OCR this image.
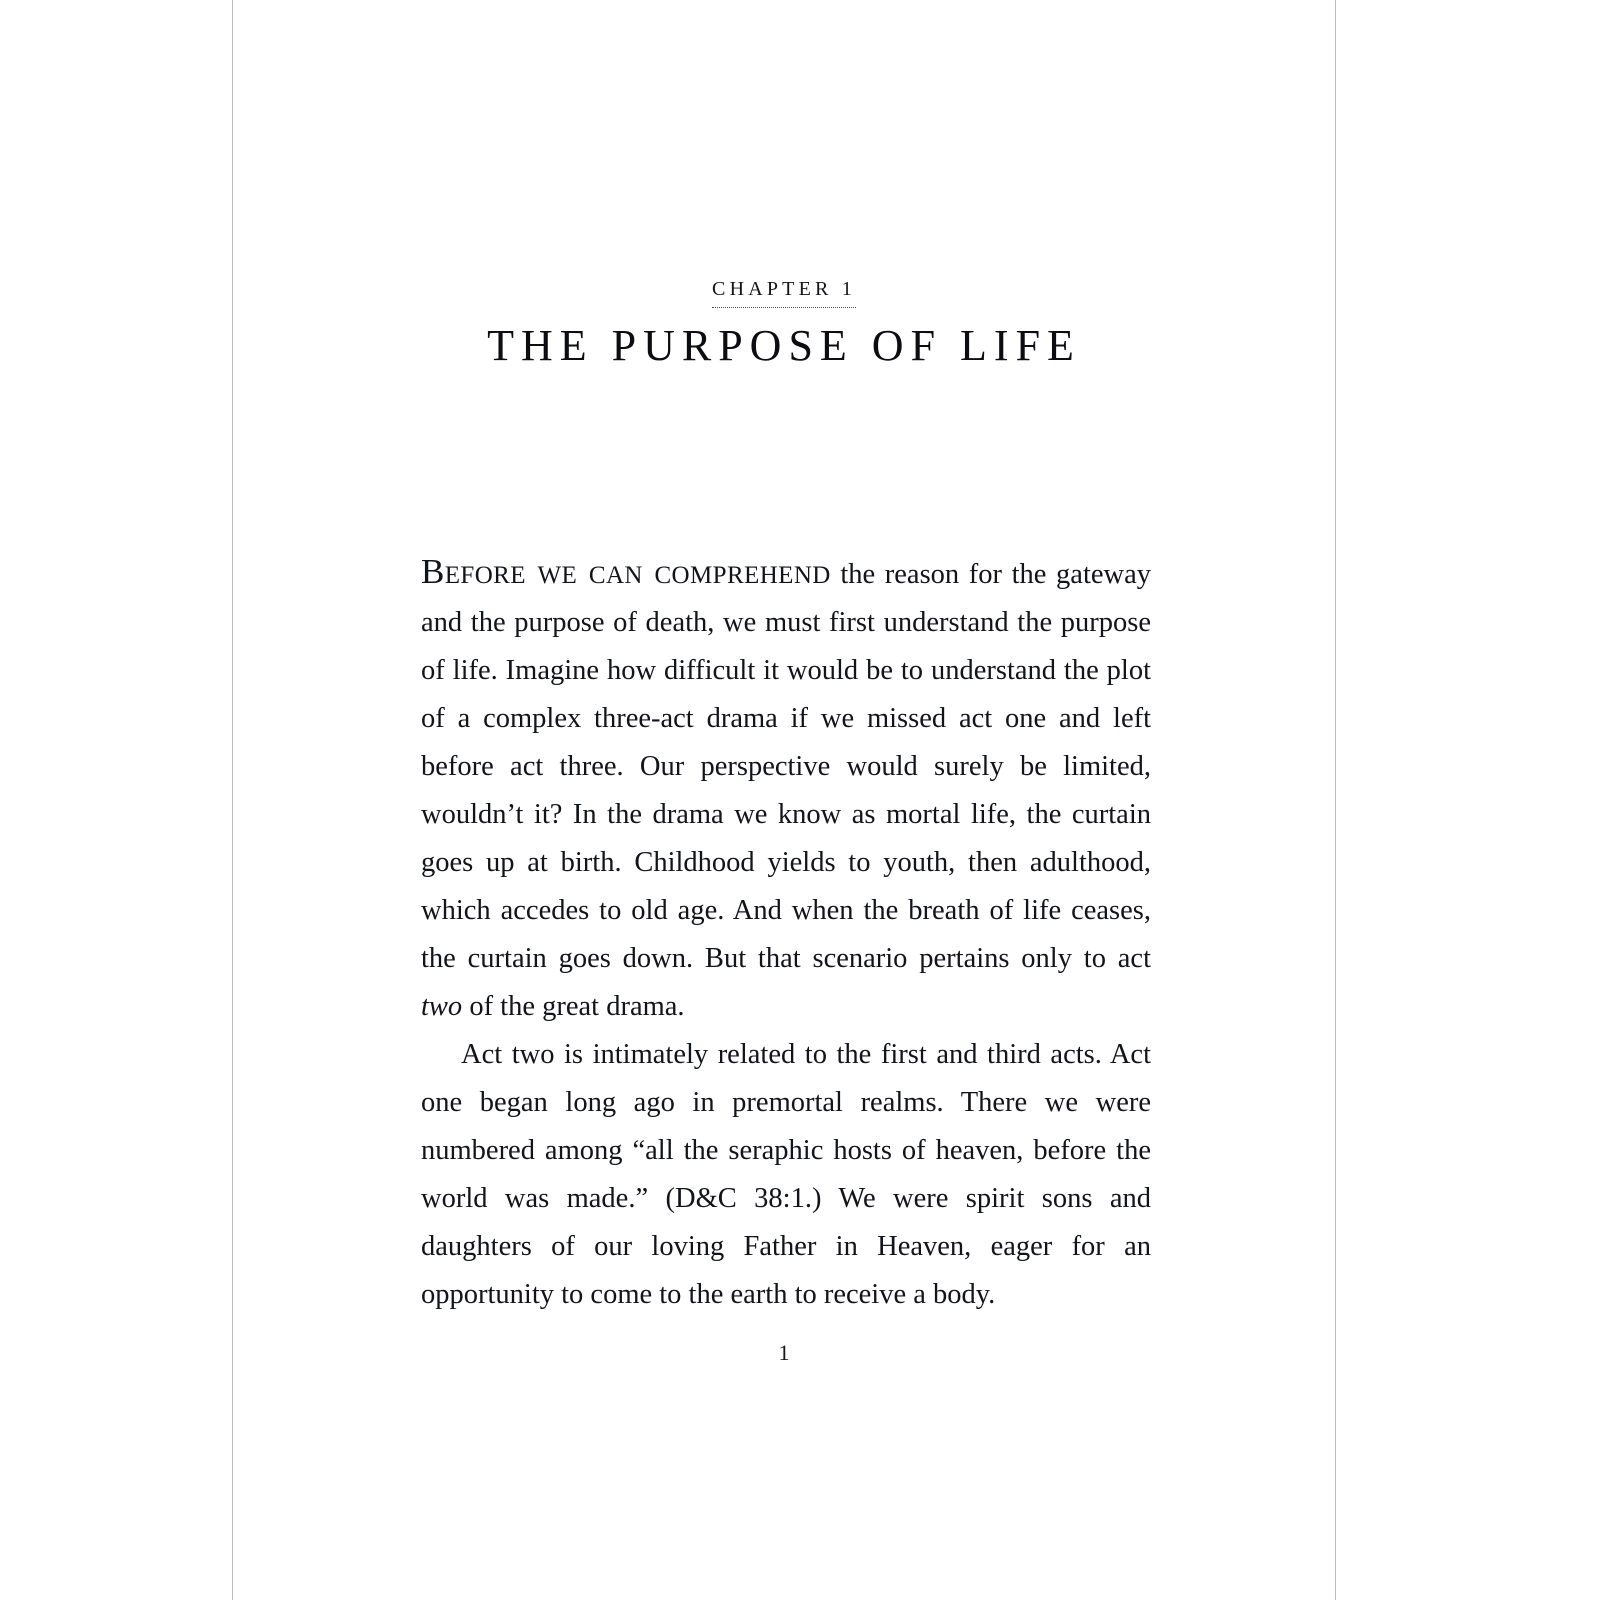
CHAPTER 1
THE PURPOSE OF LIFE

Before we can comprehend the reason for the gateway and the purpose of death, we must first understand the purpose of life. Imagine how difficult it would be to understand the plot of a complex three-act drama if we missed act one and left before act three. Our perspective would surely be limited, wouldn’t it? In the drama we know as mortal life, the curtain goes up at birth. Childhood yields to youth, then adulthood, which accedes to old age. And when the breath of life ceases, the curtain goes down. But that scenario pertains only to act two of the great drama.

Act two is intimately related to the first and third acts. Act one began long ago in premortal realms. There we were numbered among “all the seraphic hosts of heaven, before the world was made.” (D&C 38:1.) We were spirit sons and daughters of our loving Father in Heaven, eager for an opportunity to come to the earth to receive a body.

1
